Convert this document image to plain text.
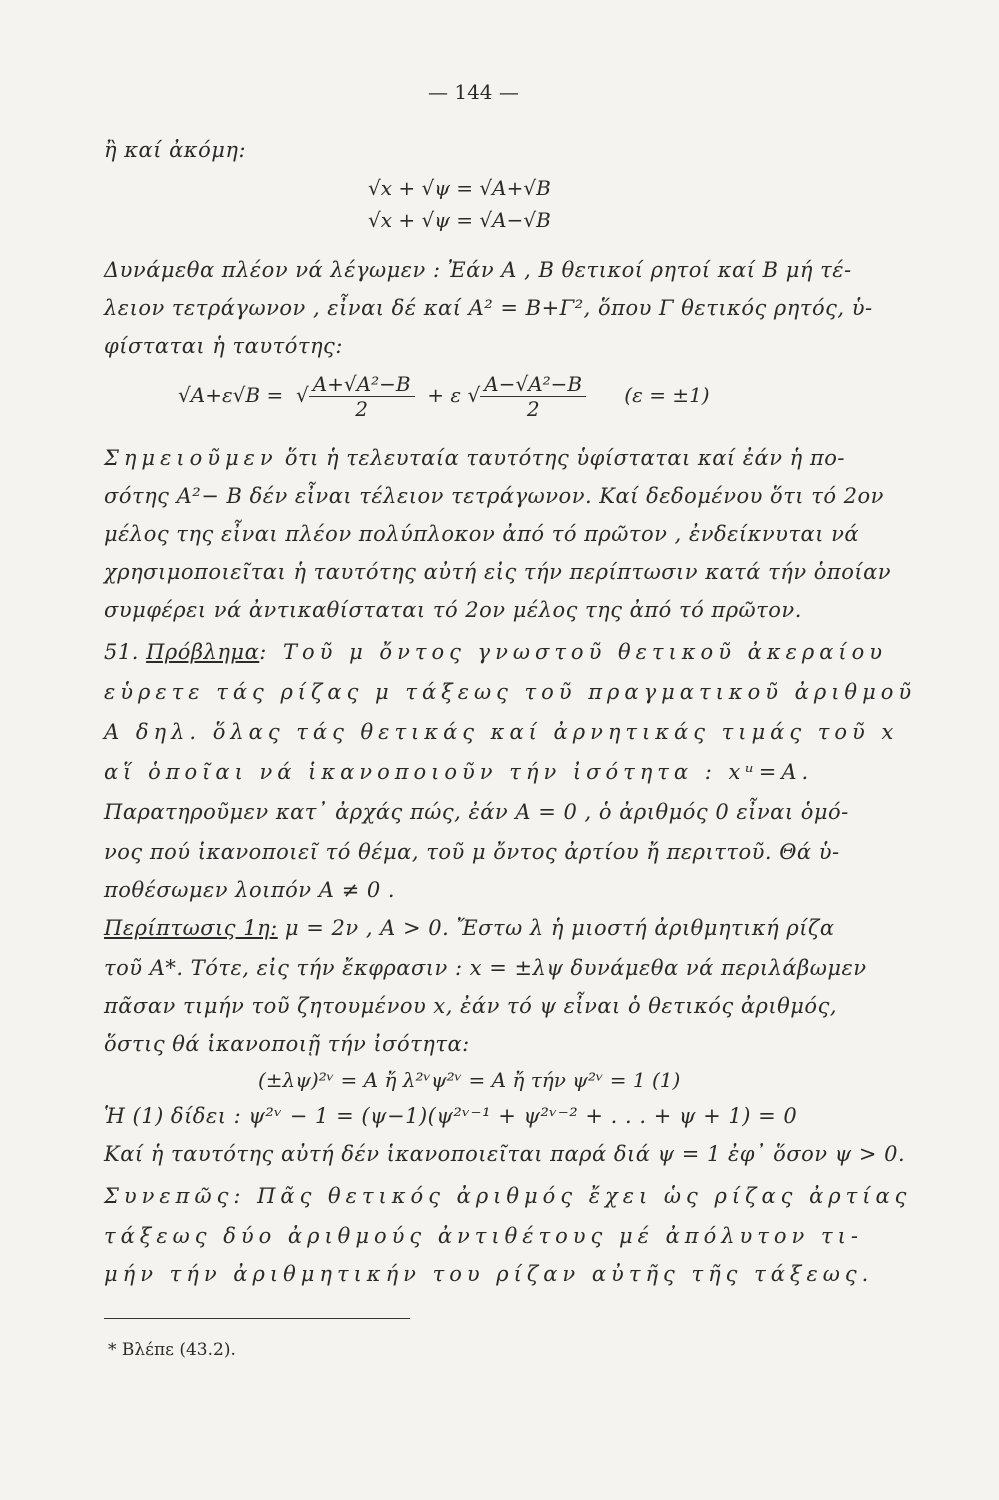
— 144 —
ἢ καί ἀκόμη:
√x + √ψ = √A+√B
√x + √ψ = √A−√B
Δυνάμεθα πλέον νά λέγωμεν : Ἐάν A , B θετικοί ρητοί καί B μή τέ-
λειον τετράγωνον , εἶναι δέ καί A² = B+Γ², ὅπου Γ θετικός ρητός, ὑ-
φίσταται ἡ ταυτότης:
√A+ε√B =  √ $\frac{\text{A+√A²−B}}{2} + \varepsilon$ √ $\frac{\text{A−√A²−B}}{2} (\varepsilon = \pm 1)$
Σημειοῦμεν ὅτι ἡ τελευταία ταυτότης ὑφίσταται καί ἐάν ἡ πο-
σότης A²− B δέν εἶναι τέλειον τετράγωνον. Καί δεδομένου ὅτι τό 2ον
μέλος της εἶναι πλέον πολύπλοκον ἀπό τό πρῶτον , ἐνδείκνυται νά
χρησιμοποιεῖται ἡ ταυτότης αὐτή εἰς τήν περίπτωσιν κατά τήν ὁποίαν
συμφέρει νά ἀντικαθίσταται τό 2ον μέλος της ἀπό τό πρῶτον.
51. Πρόβλημα: Τοῦ μ ὄντος γνωστοῦ θετικοῦ ἀκεραίου
εὑρετε τάς ρίζας μ τάξεως τοῦ πραγματικοῦ ἀριθμοῦ
A δηλ. ὅλας τάς θετικάς καί ἀρνητικάς τιμάς τοῦ x
αἵ ὁποῖαι νά ἱκανοποιοῦν τήν ἰσότητα : xᵘ=A.
Παρατηροῦμεν κατ᾽ ἀρχάς πώς, ἐάν A = 0 , ὁ ἀριθμός 0 εἶναι ὁμό-
νος πού ἱκανοποιεῖ τό θέμα, τοῦ μ ὄντος ἀρτίου ἤ περιττοῦ. Θά ὑ-
ποθέσωμεν λοιπόν A ≠ 0 .
Περίπτωσις 1η: μ = 2ν , A > 0. Ἔστω λ ἡ μιοστή ἀριθμητική ρίζα
τοῦ A*. Τότε, εἰς τήν ἔκφρασιν : x = ±λψ δυνάμεθα νά περιλάβωμεν
πᾶσαν τιμήν τοῦ ζητουμένου x, ἐάν τό ψ εἶναι ὁ θετικός ἀριθμός,
ὅστις θά ἱκανοποιῇ τήν ἰσότητα:
(±λψ)²ᵛ = A ἤ λ²ᵛψ²ᵛ = A ἤ τήν ψ²ᵛ = 1 (1)
Ἡ (1) δίδει : ψ²ᵛ − 1 = (ψ−1)(ψ²ᵛ⁻¹ + ψ²ᵛ⁻² + . . . + ψ + 1) = 0
Καί ἡ ταυτότης αὐτή δέν ἱκανοποιεῖται παρά διά ψ = 1 ἐφ᾽ ὅσον ψ > 0.
Συνεπῶς: Πᾶς θετικός ἀριθμός ἔχει ὡς ρίζας ἀρτίας
τάξεως δύο ἀριθμούς ἀντιθέτους μέ ἀπόλυτον τι-
μήν τήν ἀριθμητικήν του ρίζαν αὐτῆς τῆς τάξεως.
* Βλέπε (43.2).
